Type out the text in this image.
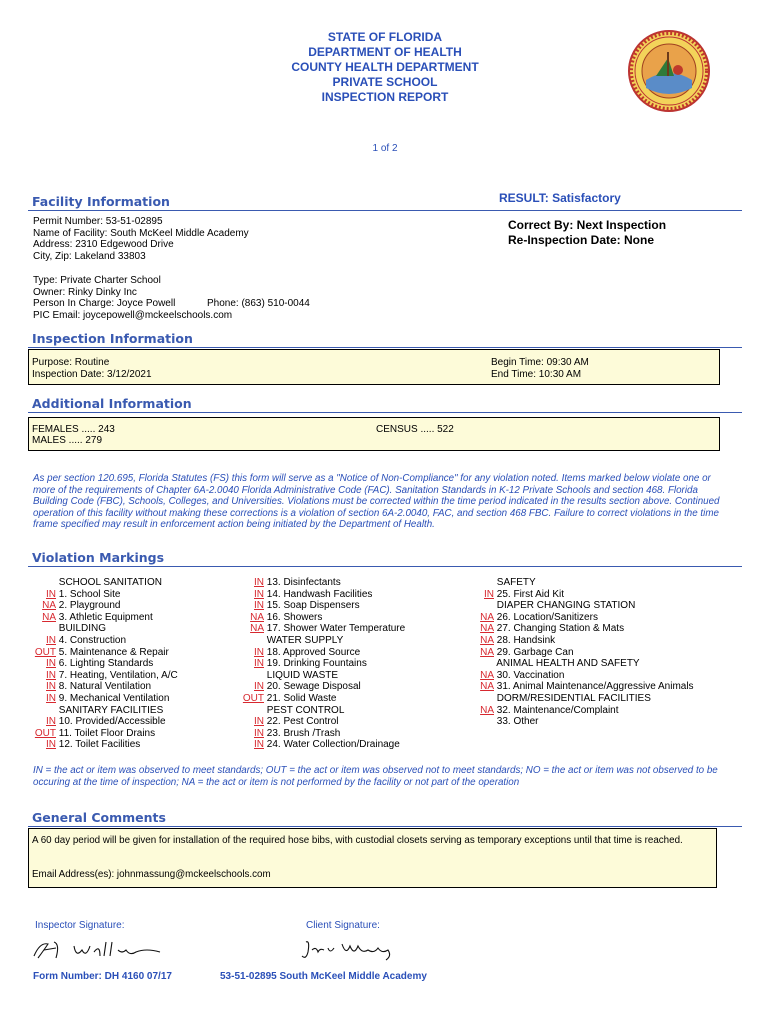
STATE OF FLORIDA
DEPARTMENT OF HEALTH
COUNTY HEALTH DEPARTMENT
PRIVATE SCHOOL
INSPECTION REPORT
1 of 2
Facility Information	RESULT: Satisfactory
Permit Number: 53-51-02895
Name of Facility: South McKeel Middle Academy
Address: 2310 Edgewood Drive
City, Zip: Lakeland 33803
Correct By: Next Inspection
Re-Inspection Date: None
Type: Private Charter School
Owner: Rinky Dinky Inc
Person In Charge: Joyce Powell	Phone: (863) 510-0044
PIC Email: joycepowell@mckeelschools.com
Inspection Information
Purpose: Routine
Inspection Date: 3/12/2021
Begin Time: 09:30 AM
End Time: 10:30 AM
Additional Information
FEMALES ..... 243
MALES ..... 279
CENSUS ..... 522
As per section 120.695, Florida Statutes (FS) this form will serve as a "Notice of Non-Compliance" for any violation noted. Items marked below violate one or more of the requirements of Chapter 6A-2.0040 Florida Administrative Code (FAC). Sanitation Standards in K-12 Private Schools and section 468. Florida Building Code (FBC), Schools, Colleges, and Universities. Violations must be corrected within the time period indicated in the results section above. Continued operation of this facility without making these corrections is a violation of section 6A-2.0040, FAC, and section 468 FBC. Failure to correct violations in the time frame specified may result in enforcement action being initiated by the Department of Health.
Violation Markings
SCHOOL SANITATION
IN 1. School Site
NA 2. Playground
NA 3. Athletic Equipment
BUILDING
IN 4. Construction
OUT 5. Maintenance & Repair
IN 6. Lighting Standards
IN 7. Heating, Ventilation, A/C
IN 8. Natural Ventilation
IN 9. Mechanical Ventilation
SANITARY FACILITIES
IN 10. Provided/Accessible
OUT 11. Toilet Floor Drains
IN 12. Toilet Facilities
IN 13. Disinfectants
IN 14. Handwash Facilities
IN 15. Soap Dispensers
NA 16. Showers
NA 17. Shower Water Temperature
WATER SUPPLY
IN 18. Approved Source
IN 19. Drinking Fountains
LIQUID WASTE
IN 20. Sewage Disposal
OUT 21. Solid Waste
PEST CONTROL
IN 22. Pest Control
IN 23. Brush /Trash
IN 24. Water Collection/Drainage
SAFETY
IN 25. First Aid Kit
DIAPER CHANGING STATION
NA 26. Location/Sanitizers
NA 27. Changing Station & Mats
NA 28. Handsink
NA 29. Garbage Can
ANIMAL HEALTH AND SAFETY
NA 30. Vaccination
NA 31. Animal Maintenance/Aggressive Animals
DORM/RESIDENTIAL FACILITIES
NA 32. Maintenance/Complaint
33. Other
IN = the act or item was observed to meet standards; OUT = the act or item was observed not to meet standards; NO = the act or item was not observed to be occuring at the time of inspection; NA = the act or item is not performed by the facility or not part of the operation
General Comments
A 60 day period will be given for installation of the required hose bibs, with custodial closets serving as temporary exceptions until that time is reached.
Email Address(es): johnmassung@mckeelschools.com
Inspector Signature:	Client Signature:
Form Number: DH 4160 07/17	53-51-02895 South McKeel Middle Academy
